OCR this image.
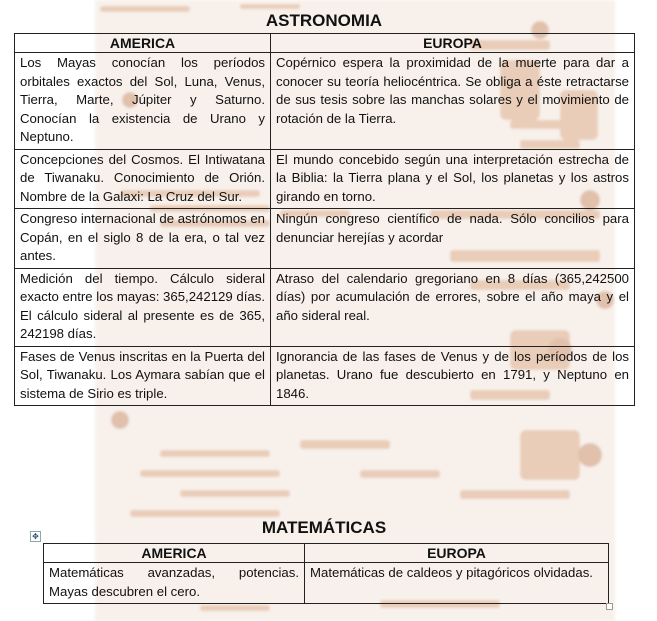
ASTRONOMIA
AMERICA	EUROPA
Los Mayas conocían los períodos orbitales exactos del Sol, Luna, Venus, Tierra, Marte, Júpiter y Saturno. Conocían la existencia de Urano y Neptuno.	Copérnico espera la proximidad de la muerte para dar a conocer su teoría heliocéntrica. Se obliga a éste retractarse de sus tesis sobre las manchas solares y el movimiento de rotación de la Tierra.
Concepciones del Cosmos. El Intiwatana de Tiwanaku. Conocimiento de Orión. Nombre de la Galaxi: La Cruz del Sur.	El mundo concebido según una interpretación estrecha de la Biblia: la Tierra plana y el Sol, los planetas y los astros girando en torno.
Congreso internacional de astrónomos en Copán, en el siglo 8 de la era, o tal vez antes.	Ningún congreso científico de nada. Sólo concilios para denunciar herejías y acordar
Medición del tiempo. Cálculo sideral exacto entre los mayas: 365,242129 días. El cálculo sideral al presente es de 365, 242198 días.	Atraso del calendario gregoriano en 8 días (365,242500 días) por acumulación de errores, sobre el año maya y el año sideral real.
Fases de Venus inscritas en la Puerta del Sol, Tiwanaku. Los Aymara sabían que el sistema de Sirio es triple.	Ignorancia de las fases de Venus y de los períodos de los planetas. Urano fue descubierto en 1791, y Neptuno en 1846.
✥	MATEMÁTICAS
AMERICA	EUROPA
Matemáticas avanzadas, potencias. Mayas descubren el cero.	Matemáticas de caldeos y pitagóricos olvidadas.
